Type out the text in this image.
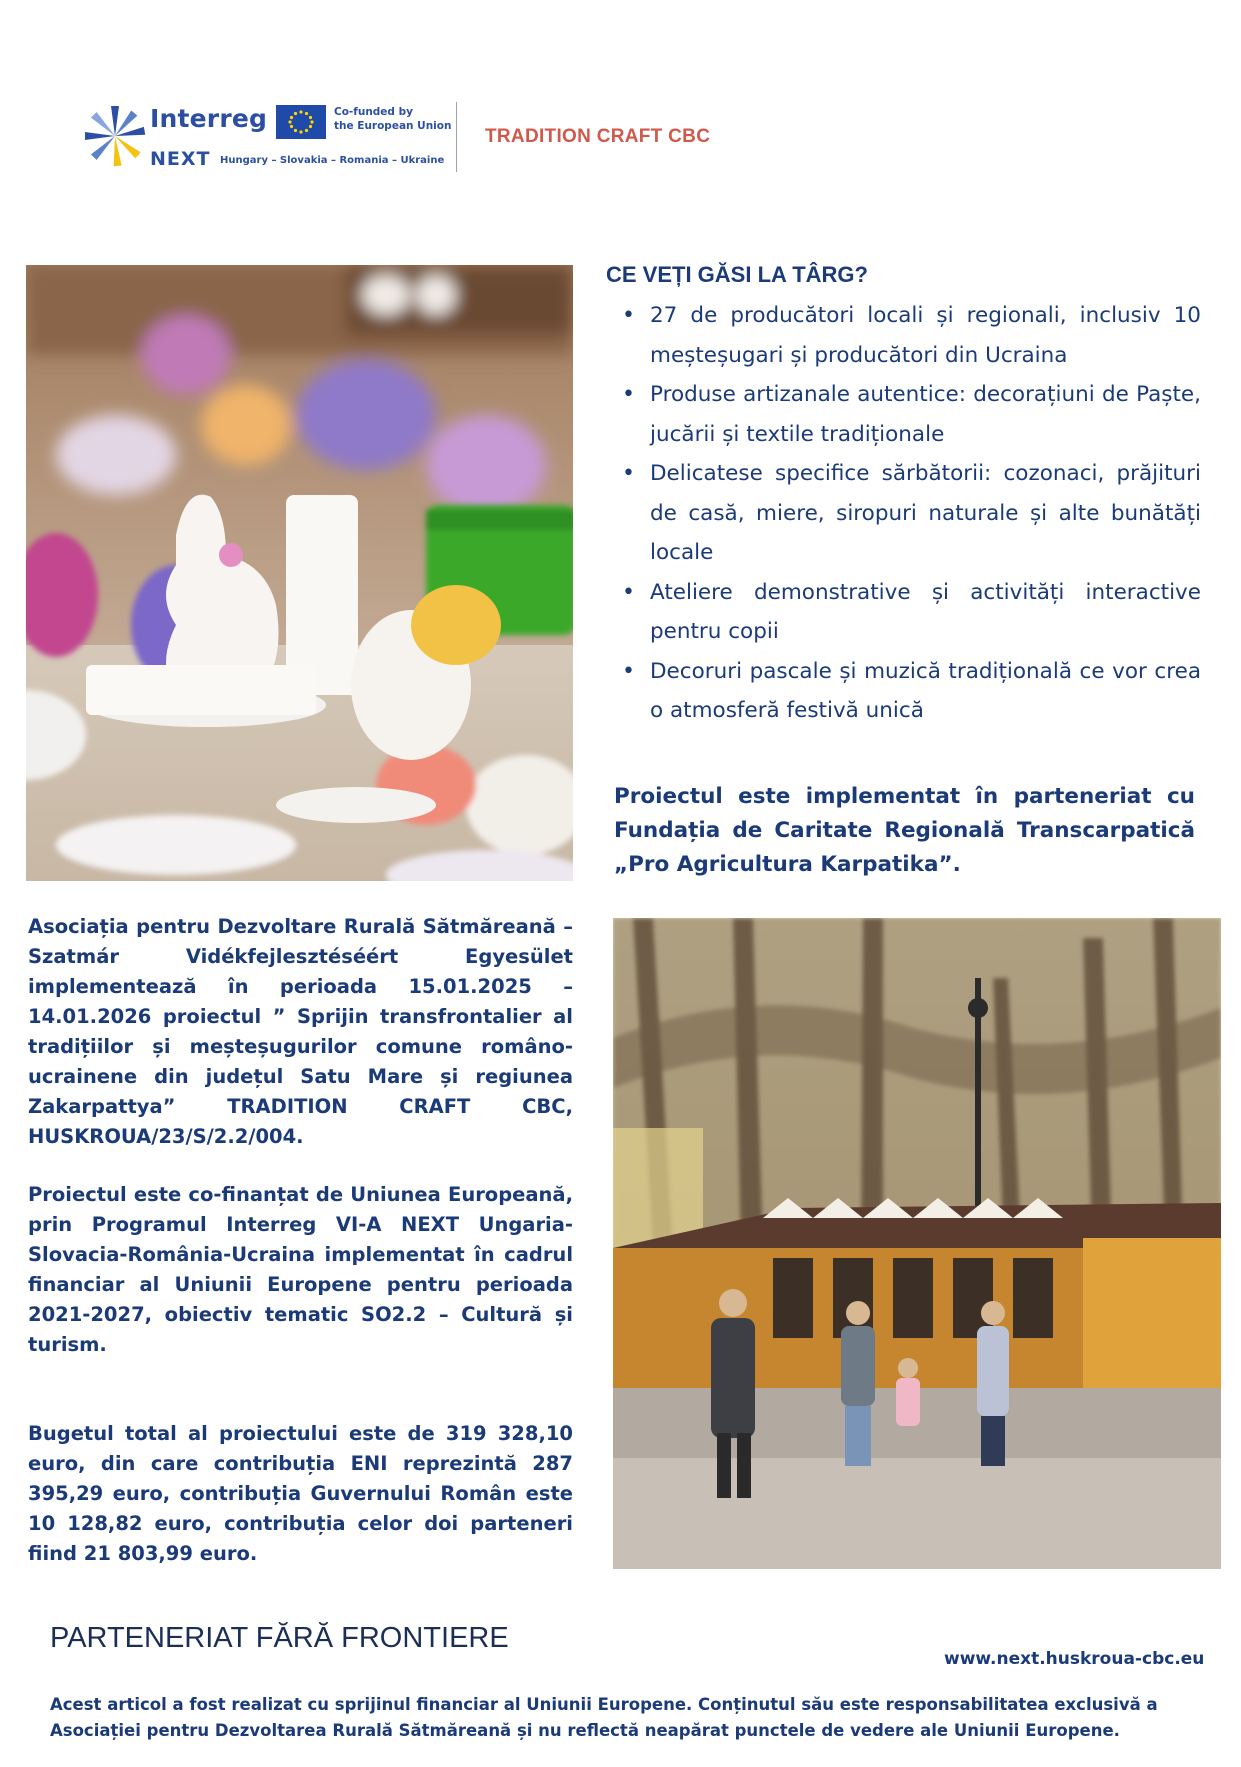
Interreg
NEXT Hungary – Slovakia – Romania – Ukraine
Co-funded by
the European Union TRADITION CRAFT CBC
CE VEȚI GĂSI LA TÂRG?
• 27 de producători locali și regionali, inclusiv 10 meșteșugari și producători din Ucraina
• Produse artizanale autentice: decorațiuni de Paște, jucării și textile tradiționale
• Delicatese specifice sărbătorii: cozonaci, prăjituri de casă, miere, siropuri naturale și alte bunătăți locale
• Ateliere demonstrative și activități interactive pentru copii
• Decoruri pascale și muzică tradițională ce vor crea o atmosferă festivă unică
Proiectul este implementat în parteneriat cu Fundația de Caritate Regională Transcarpatică „Pro Agricultura Karpatika”.
Asociația pentru Dezvoltare Rurală Sătmăreană – Szatmár Vidékfejlesztéséért Egyesület implementează în perioada 15.01.2025 – 14.01.2026 proiectul ” Sprijin transfrontalier al tradițiilor și meșteșugurilor comune româno-ucrainene din județul Satu Mare și regiunea Zakarpattya” TRADITION CRAFT CBC, HUSKROUA/23/S/2.2/004.
Proiectul este co-finanțat de Uniunea Europeană, prin Programul Interreg VI-A NEXT Ungaria-Slovacia-România-Ucraina implementat în cadrul financiar al Uniunii Europene pentru perioada 2021-2027, obiectiv tematic SO2.2 – Cultură și turism.
Bugetul total al proiectului este de 319 328,10 euro, din care contribuția ENI reprezintă 287 395,29 euro, contribuția Guvernului Român este 10 128,82 euro, contribuția celor doi parteneri fiind 21 803,99 euro.
PARTENERIAT FĂRĂ FRONTIERE
www.next.huskroua-cbc.eu
Acest articol a fost realizat cu sprijinul financiar al Uniunii Europene. Conținutul său este responsabilitatea exclusivă a Asociației pentru Dezvoltarea Rurală Sătmăreană și nu reflectă neapărat punctele de vedere ale Uniunii Europene.
